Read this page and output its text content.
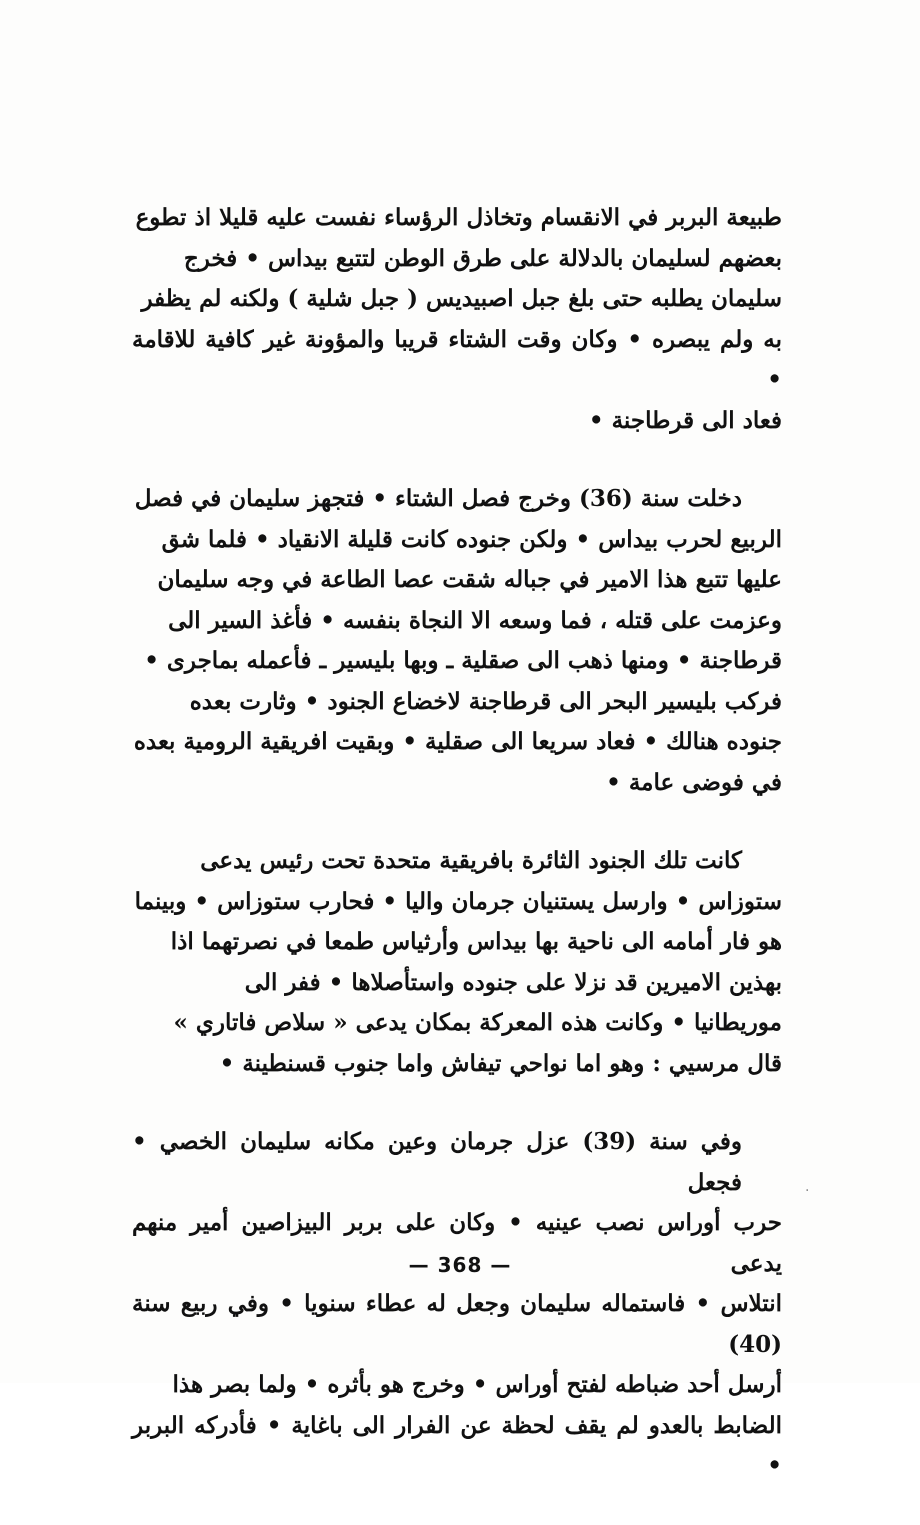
طبيعة البربر في الانقسام وتخاذل الرؤساء نفست عليه قليلا اذ تطوع

بعضهم لسليمان بالدلالة على طرق الوطن لتتبع بيداس • فخرج

سليمان يطلبه حتى بلغ جبل اصبيديس ( جبل شلية ) ولكنه لم يظفر

به ولم يبصره • وكان وقت الشتاء قريبا والمؤونة غير كافية للاقامة •

فعاد الى قرطاجنة •

دخلت سنة (36) وخرج فصل الشتاء • فتجهز سليمان في فصل

الربيع لحرب بيداس • ولكن جنوده كانت قليلة الانقياد • فلما شق

عليها تتبع هذا الامير في جباله شقت عصا الطاعة في وجه سليمان

وعزمت على قتله ، فما وسعه الا النجاة بنفسه • فأغذ السير الى

قرطاجنة • ومنها ذهب الى صقلية ـ وبها بليسير ـ فأعمله بماجرى •

فركب بليسير البحر الى قرطاجنة لاخضاع الجنود • وثارت بعده

جنوده هنالك • فعاد سريعا الى صقلية • وبقيت افريقية الرومية بعده

في فوضى عامة •

كانت تلك الجنود الثائرة بافريقية متحدة تحت رئيس يدعى

ستوزاس • وارسل يستنيان جرمان واليا • فحارب ستوزاس • وبينما

هو فار أمامه الى ناحية بها بيداس وأرثياس طمعا في نصرتهما اذا

بهذين الاميرين قد نزلا على جنوده واستأصلاها • ففر الى

موريطانيا • وكانت هذه المعركة بمكان يدعى « سلاص فاتاري »

قال مرسيي : وهو اما نواحي تيفاش واما جنوب قسنطينة •

وفي سنة (39) عزل جرمان وعين مكانه سليمان الخصي • فجعل

حرب أوراس نصب عينيه • وكان على بربر البيزاصين أمير منهم يدعى

انتلاس • فاستماله سليمان وجعل له عطاء سنويا • وفي ربيع سنة (40)

أرسل أحد ضباطه لفتح أوراس • وخرج هو بأثره • ولما بصر هذا

الضابط بالعدو لم يقف لحظة عن الفرار الى باغاية • فأدركه البربر •

— 368 —
·
